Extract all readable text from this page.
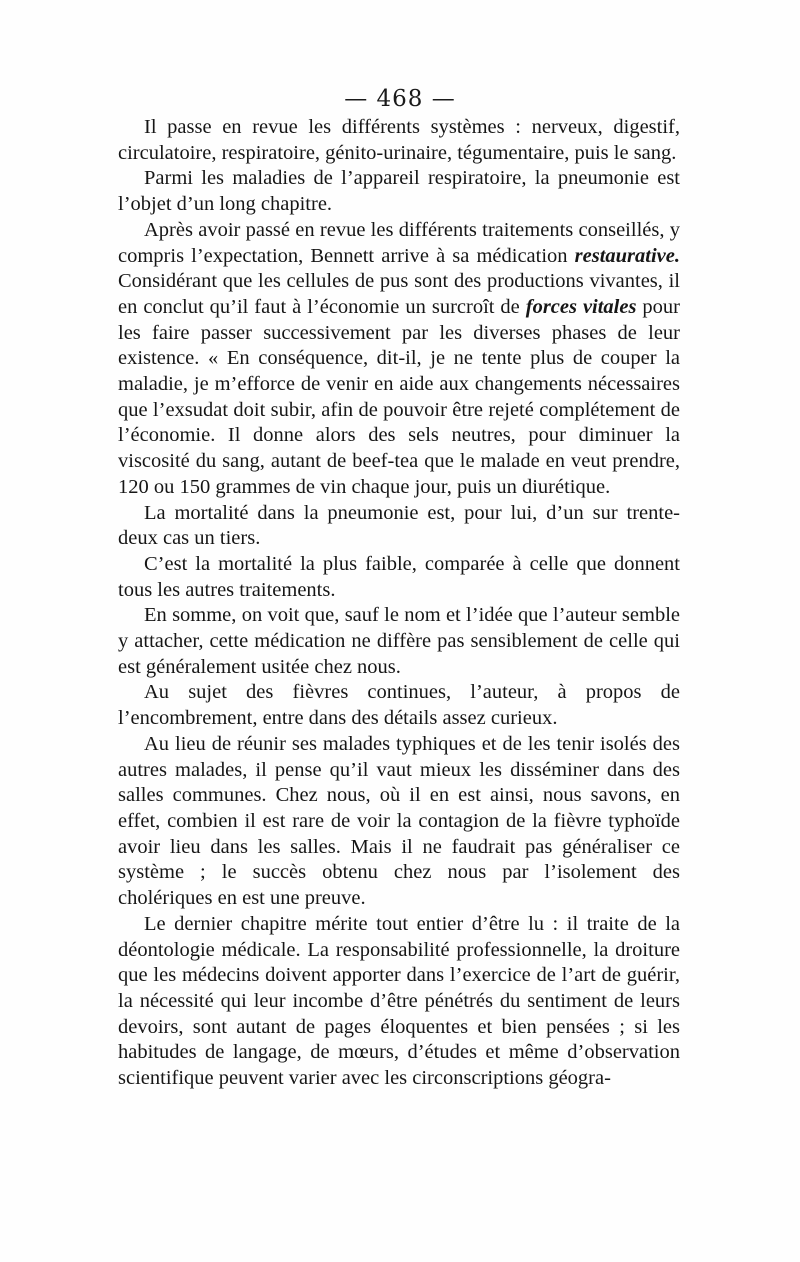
— 468 —

Il passe en revue les différents systèmes : nerveux, digestif, circulatoire, respiratoire, génito-urinaire, tégumentaire, puis le sang.

Parmi les maladies de l’appareil respiratoire, la pneumonie est l’objet d’un long chapitre.

Après avoir passé en revue les différents traitements conseillés, y compris l’expectation, Bennett arrive à sa médication restaurative. Considérant que les cellules de pus sont des productions vivantes, il en conclut qu’il faut à l’économie un surcroît de forces vitales pour les faire passer successivement par les diverses phases de leur existence. « En conséquence, dit-il, je ne tente plus de couper la maladie, je m’efforce de venir en aide aux changements nécessaires que l’exsudat doit subir, afin de pouvoir être rejeté complétement de l’économie. Il donne alors des sels neutres, pour diminuer la viscosité du sang, autant de beef-tea que le malade en veut prendre, 120 ou 150 grammes de vin chaque jour, puis un diurétique.

La mortalité dans la pneumonie est, pour lui, d’un sur trente-deux cas un tiers.

C’est la mortalité la plus faible, comparée à celle que donnent tous les autres traitements.

En somme, on voit que, sauf le nom et l’idée que l’auteur semble y attacher, cette médication ne diffère pas sensiblement de celle qui est généralement usitée chez nous.

Au sujet des fièvres continues, l’auteur, à propos de l’encombrement, entre dans des détails assez curieux.

Au lieu de réunir ses malades typhiques et de les tenir isolés des autres malades, il pense qu’il vaut mieux les disséminer dans des salles communes. Chez nous, où il en est ainsi, nous savons, en effet, combien il est rare de voir la contagion de la fièvre typhoïde avoir lieu dans les salles. Mais il ne faudrait pas généraliser ce système ; le succès obtenu chez nous par l’isolement des cholériques en est une preuve.

Le dernier chapitre mérite tout entier d’être lu : il traite de la déontologie médicale. La responsabilité professionnelle, la droiture que les médecins doivent apporter dans l’exercice de l’art de guérir, la nécessité qui leur incombe d’être pénétrés du sentiment de leurs devoirs, sont autant de pages éloquentes et bien pensées ; si les habitudes de langage, de mœurs, d’études et même d’observation scientifique peuvent varier avec les circonscriptions géogra-
